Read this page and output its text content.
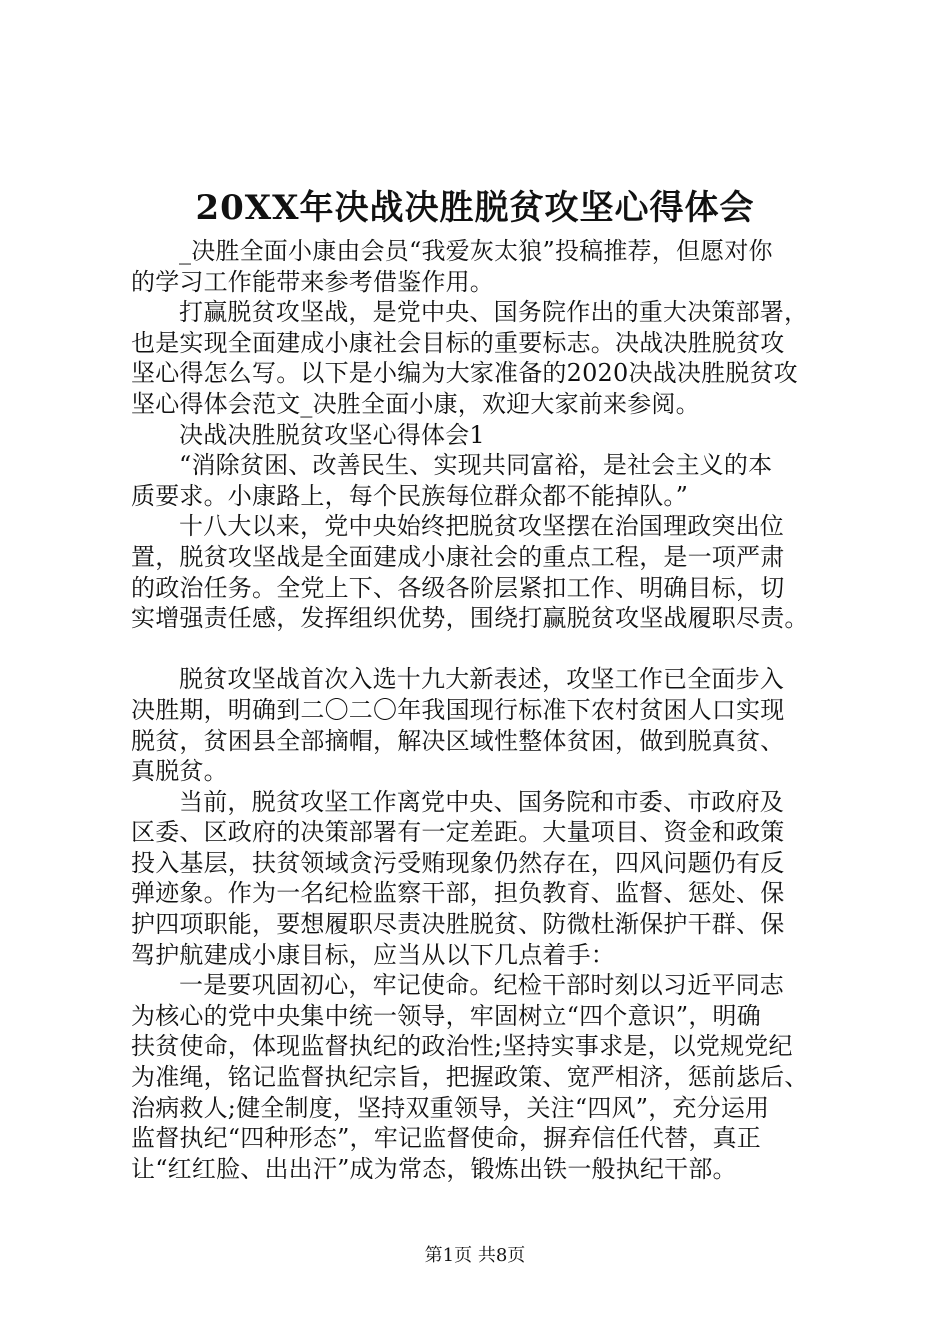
20XX年决战决胜脱贫攻坚心得体会
_决胜全面小康由会员“我爱灰太狼”投稿推荐，但愿对你
的学习工作能带来参考借鉴作用。
打赢脱贫攻坚战，是党中央、国务院作出的重大决策部署，
也是实现全面建成小康社会目标的重要标志。决战决胜脱贫攻
坚心得怎么写。以下是小编为大家准备的2020决战决胜脱贫攻
坚心得体会范文_决胜全面小康，欢迎大家前来参阅。
决战决胜脱贫攻坚心得体会1
“消除贫困、改善民生、实现共同富裕，是社会主义的本
质要求。小康路上，每个民族每位群众都不能掉队。”
十八大以来，党中央始终把脱贫攻坚摆在治国理政突出位
置，脱贫攻坚战是全面建成小康社会的重点工程，是一项严肃
的政治任务。全党上下、各级各阶层紧扣工作、明确目标，切
实增强责任感，发挥组织优势，围绕打赢脱贫攻坚战履职尽责。
脱贫攻坚战首次入选十九大新表述，攻坚工作已全面步入
决胜期，明确到二〇二〇年我国现行标准下农村贫困人口实现
脱贫，贫困县全部摘帽，解决区域性整体贫困，做到脱真贫、
真脱贫。
当前，脱贫攻坚工作离党中央、国务院和市委、市政府及
区委、区政府的决策部署有一定差距。大量项目、资金和政策
投入基层，扶贫领域贪污受贿现象仍然存在，四风问题仍有反
弹迹象。作为一名纪检监察干部，担负教育、监督、惩处、保
护四项职能，要想履职尽责决胜脱贫、防微杜渐保护干群、保
驾护航建成小康目标，应当从以下几点着手：
一是要巩固初心，牢记使命。纪检干部时刻以习近平同志
为核心的党中央集中统一领导，牢固树立“四个意识”，明确
扶贫使命，体现监督执纪的政治性;坚持实事求是，以党规党纪
为准绳，铭记监督执纪宗旨，把握政策、宽严相济，惩前毖后、
治病救人;健全制度，坚持双重领导，关注“四风”，充分运用
监督执纪“四种形态”，牢记监督使命，摒弃信任代替，真正
让“红红脸、出出汗”成为常态，锻炼出铁一般执纪干部。
第1页 共8页
